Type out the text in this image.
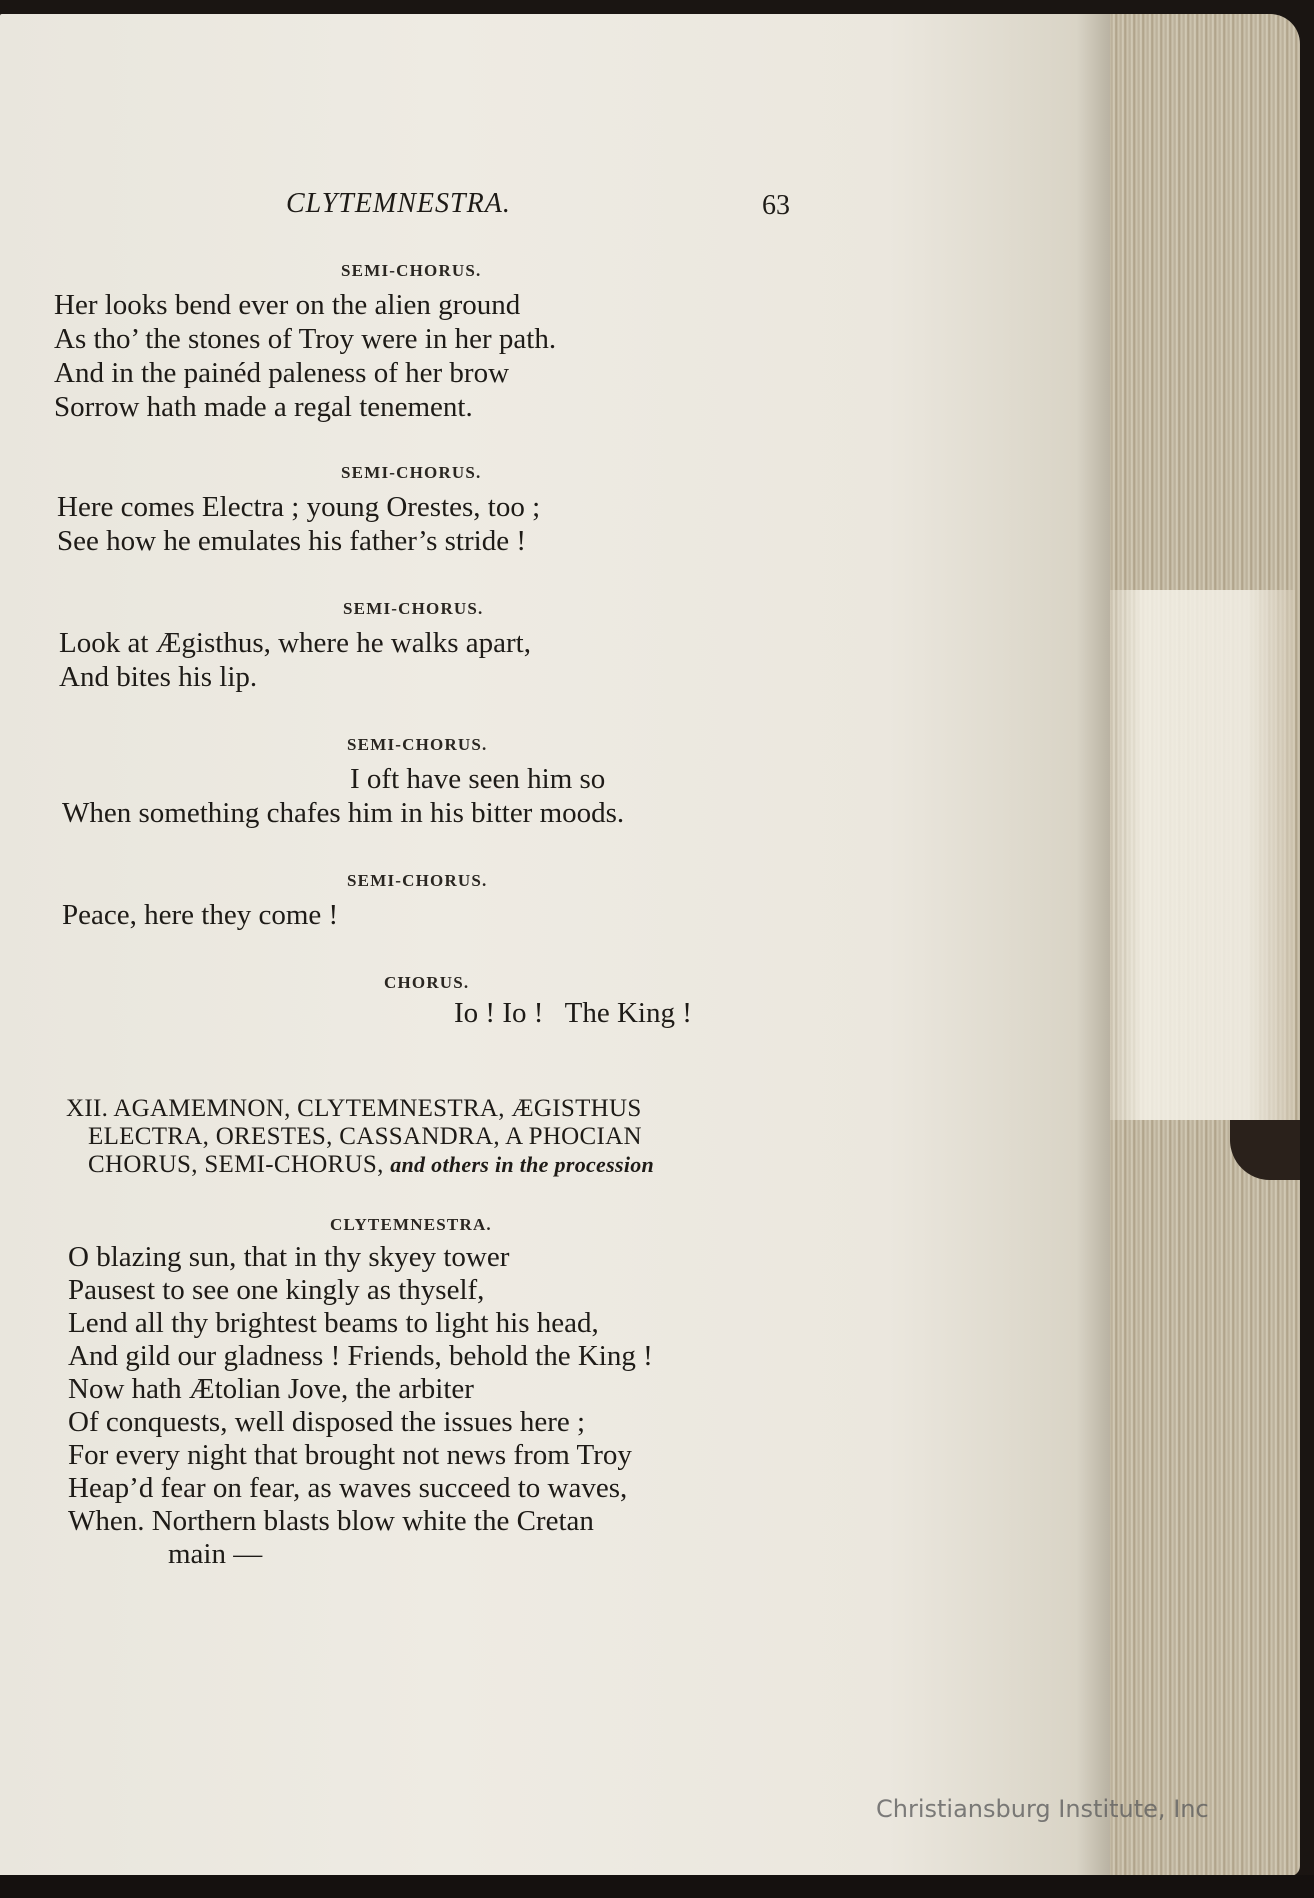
CLYTEMNESTRA.	63
SEMI-CHORUS.
Her looks bend ever on the alien ground
As tho’ the stones of Troy were in her path.
And in the painéd paleness of her brow
Sorrow hath made a regal tenement.
SEMI-CHORUS.
Here comes Electra ; young Orestes, too ;
See how he emulates his father’s stride !
SEMI-CHORUS.
Look at Ægisthus, where he walks apart,
And bites his lip.
SEMI-CHORUS.
I oft have seen him so
When something chafes him in his bitter moods.
SEMI-CHORUS.
Peace, here they come !
CHORUS.
Io ! Io !   The King !
XII. AGAMEMNON, CLYTEMNESTRA, ÆGISTHUS
ELECTRA, ORESTES, CASSANDRA, A PHOCIAN
CHORUS, SEMI-CHORUS, and others in the procession
CLYTEMNESTRA.
O blazing sun, that in thy skyey tower
Pausest to see one kingly as thyself,
Lend all thy brightest beams to light his head,
And gild our gladness ! Friends, behold the King !
Now hath Ætolian Jove, the arbiter
Of conquests, well disposed the issues here ;
For every night that brought not news from Troy
Heap’d fear on fear, as waves succeed to waves,
When. Northern blasts blow white the Cretan
main —
Christiansburg Institute, Inc
